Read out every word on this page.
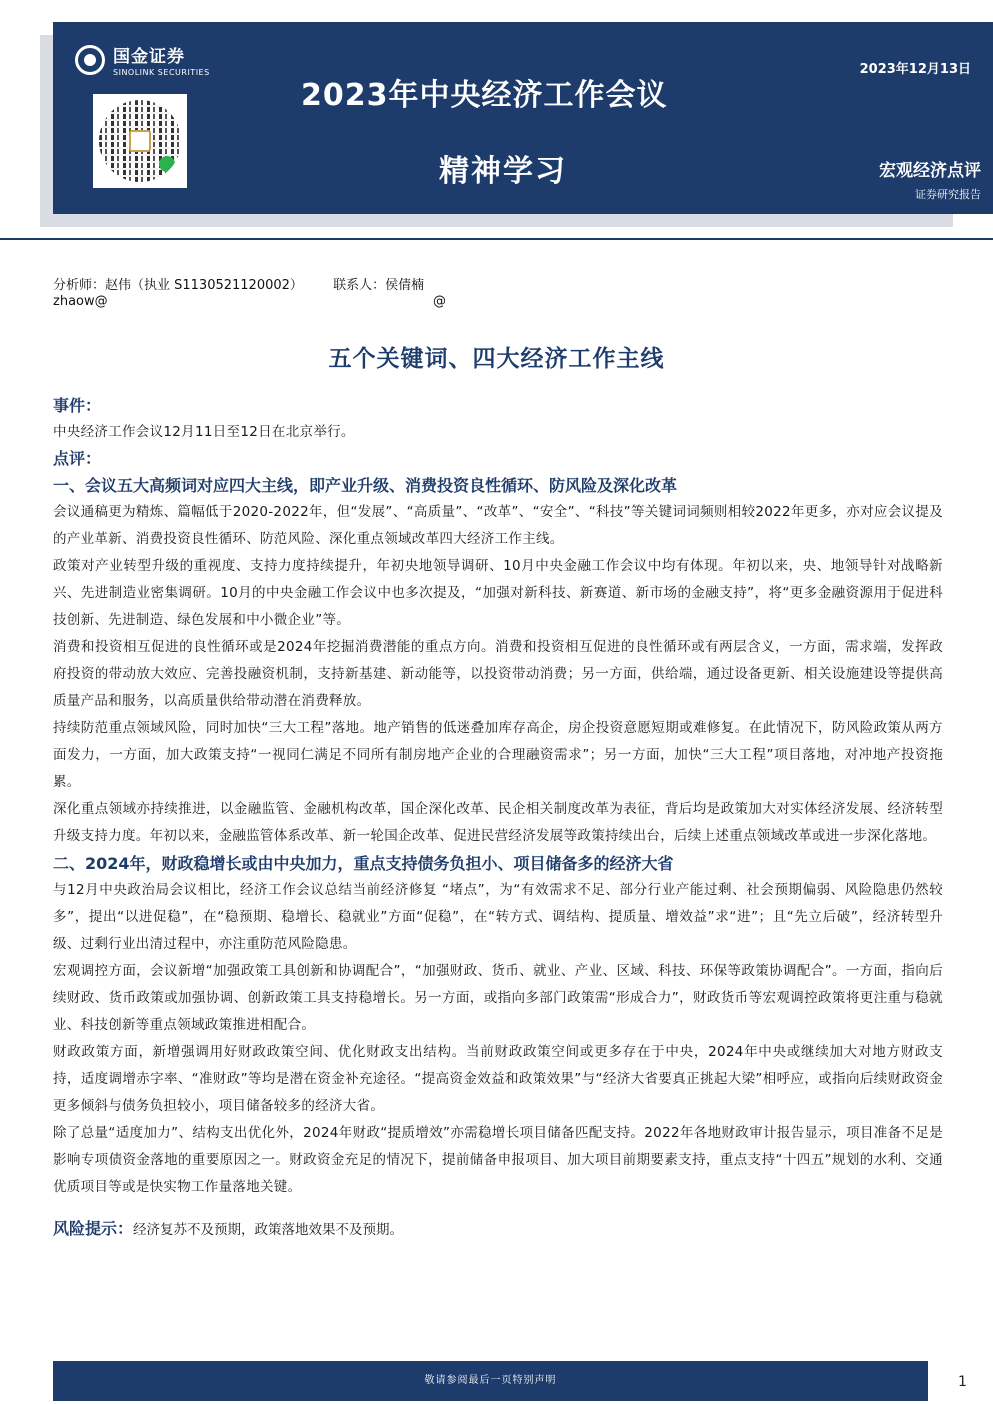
国金证券
SINOLINK SECURITIES
2023年中央经济工作会议
精神学习
2023年12月13日
宏观经济点评
证券研究报告
分析师：赵伟（执业 S1130521120002） 联系人：侯倩楠
zhaow@	@
五个关键词、四大经济工作主线
事件：
中央经济工作会议12月11日至12日在北京举行。
点评：
一、会议五大高频词对应四大主线，即产业升级、消费投资良性循环、防风险及深化改革

会议通稿更为精炼、篇幅低于2020-2022年，但“发展”、“高质量”、“改革”、“安全”、“科技”等关键词词频则相较2022年更多，亦对应会议提及的产业革新、消费投资良性循环、防范风险、深化重点领域改革四大经济工作主线。

政策对产业转型升级的重视度、支持力度持续提升，年初央地领导调研、10月中央金融工作会议中均有体现。年初以来，央、地领导针对战略新兴、先进制造业密集调研。10月的中央金融工作会议中也多次提及，“加强对新科技、新赛道、新市场的金融支持”，将“更多金融资源用于促进科技创新、先进制造、绿色发展和中小微企业”等。

消费和投资相互促进的良性循环或是2024年挖掘消费潜能的重点方向。消费和投资相互促进的良性循环或有两层含义，一方面，需求端，发挥政府投资的带动放大效应、完善投融资机制，支持新基建、新动能等，以投资带动消费；另一方面，供给端，通过设备更新、相关设施建设等提供高质量产品和服务，以高质量供给带动潜在消费释放。

持续防范重点领域风险，同时加快“三大工程”落地。地产销售的低迷叠加库存高企，房企投资意愿短期或难修复。在此情况下，防风险政策从两方面发力，一方面，加大政策支持“一视同仁满足不同所有制房地产企业的合理融资需求”；另一方面，加快“三大工程”项目落地，对冲地产投资拖累。

深化重点领域亦持续推进，以金融监管、金融机构改革，国企深化改革、民企相关制度改革为表征，背后均是政策加大对实体经济发展、经济转型升级支持力度。年初以来，金融监管体系改革、新一轮国企改革、促进民营经济发展等政策持续出台，后续上述重点领域改革或进一步深化落地。

二、2024年，财政稳增长或由中央加力，重点支持债务负担小、项目储备多的经济大省

与12月中央政治局会议相比，经济工作会议总结当前经济修复 “堵点”，为“有效需求不足、部分行业产能过剩、社会预期偏弱、风险隐患仍然较多”，提出“以进促稳”，在“稳预期、稳增长、稳就业”方面“促稳”，在“转方式、调结构、提质量、增效益”求“进”；且“先立后破”，经济转型升级、过剩行业出清过程中，亦注重防范风险隐患。

宏观调控方面，会议新增“加强政策工具创新和协调配合”，“加强财政、货币、就业、产业、区域、科技、环保等政策协调配合”。一方面，指向后续财政、货币政策或加强协调、创新政策工具支持稳增长。另一方面，或指向多部门政策需“形成合力”，财政货币等宏观调控政策将更注重与稳就业、科技创新等重点领域政策推进相配合。

财政政策方面，新增强调用好财政政策空间、优化财政支出结构。当前财政政策空间或更多存在于中央，2024年中央或继续加大对地方财政支持，适度调增赤字率、“准财政”等均是潜在资金补充途径。“提高资金效益和政策效果”与“经济大省要真正挑起大梁”相呼应，或指向后续财政资金更多倾斜与债务负担较小，项目储备较多的经济大省。

除了总量“适度加力”、结构支出优化外，2024年财政“提质增效”亦需稳增长项目储备匹配支持。2022年各地财政审计报告显示，项目准备不足是影响专项债资金落地的重要原因之一。财政资金充足的情况下，提前储备申报项目、加大项目前期要素支持，重点支持“十四五”规划的水利、交通优质项目等或是快实物工作量落地关键。

风险提示：经济复苏不及预期，政策落地效果不及预期。
敬请参阅最后一页特别声明	1
